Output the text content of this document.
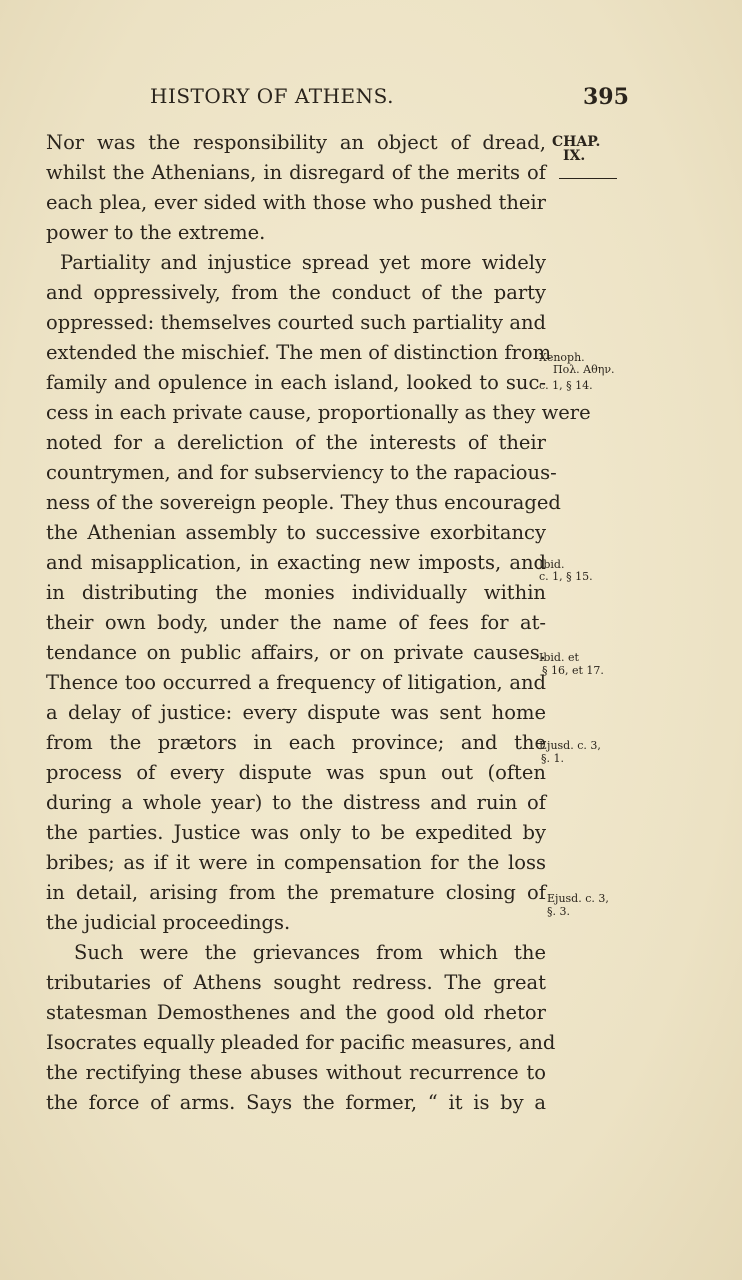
HISTORY OF ATHENS.	395
Nor was the responsibility an object of dread,
whilst the Athenians, in disregard of the merits of
each plea, ever sided with those who pushed their
power to the extreme.
Partiality and injustice spread yet more widely
and oppressively, from the conduct of the party
oppressed: themselves courted such partiality and
extended the mischief. The men of distinction from
family and opulence in each island, looked to suc-
cess in each private cause, proportionally as they were
noted for a dereliction of the interests of their
countrymen, and for subserviency to the rapacious-
ness of the sovereign people. They thus encouraged
the Athenian assembly to successive exorbitancy
and misapplication, in exacting new imposts, and
in distributing the monies individually within
their own body, under the name of fees for at-
tendance on public affairs, or on private causes.
Thence too occurred a frequency of litigation, and
a delay of justice: every dispute was sent home
from the prætors in each province; and the
process of every dispute was spun out (often
during a whole year) to the distress and ruin of
the parties. Justice was only to be expedited by
bribes; as if it were in compensation for the loss
in detail, arising from the premature closing of
the judicial proceedings.
Such were the grievances from which the
tributaries of Athens sought redress. The great
statesman Demosthenes and the good old rhetor
Isocrates equally pleaded for pacific measures, and
the rectifying these abuses without recurrence to
the force of arms. Says the former, “ it is by a
CHAP.
IX.
Xenoph.
Πολ. Αθην.
c. 1, § 14.
Ibid.
c. 1, § 15.
Ibid. et
§ 16, et 17.
Ejusd. c. 3,
§. 1.
Ejusd. c. 3,
§. 3.
